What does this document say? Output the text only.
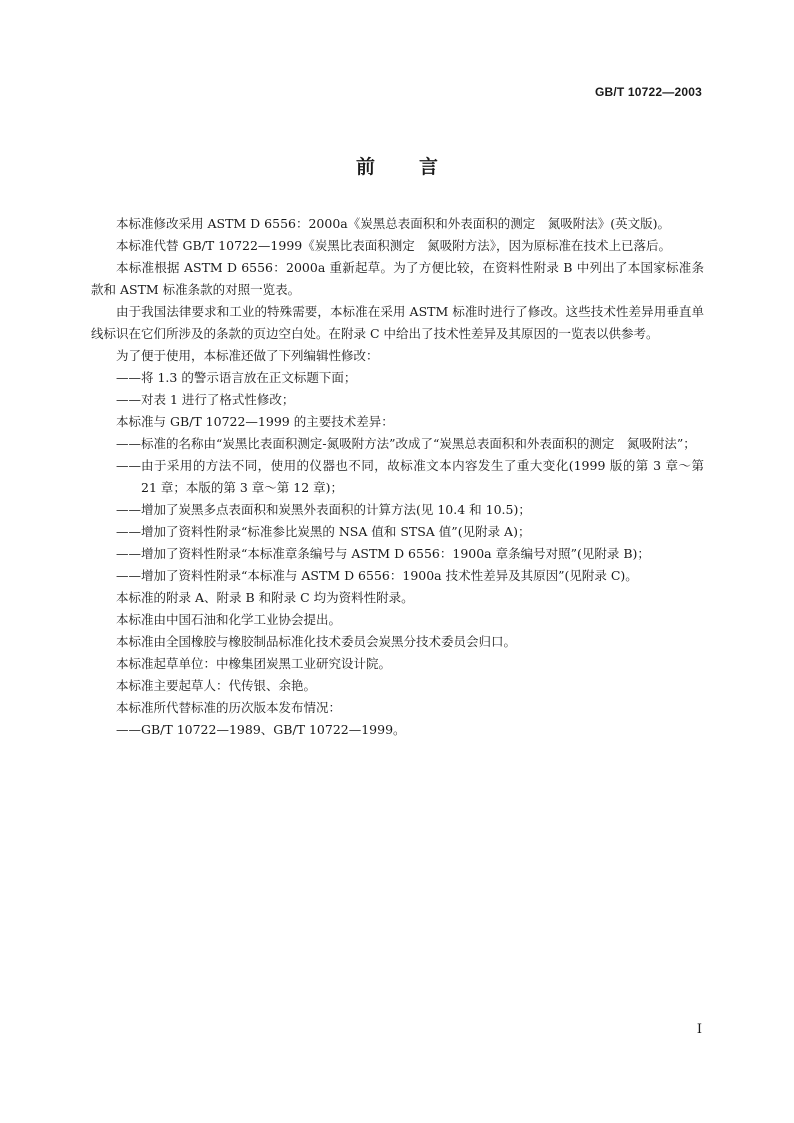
GB/T 10722—2003
前言

本标准修改采用 ASTM D 6556：2000a《炭黑总表面积和外表面积的测定　氮吸附法》(英文版)。

本标准代替 GB/T 10722—1999《炭黑比表面积测定　氮吸附方法》，因为原标准在技术上已落后。

本标准根据 ASTM D 6556：2000a 重新起草。为了方便比较，在资料性附录 B 中列出了本国家标准条款和 ASTM 标准条款的对照一览表。

由于我国法律要求和工业的特殊需要，本标准在采用 ASTM 标准时进行了修改。这些技术性差异用垂直单线标识在它们所涉及的条款的页边空白处。在附录 C 中给出了技术性差异及其原因的一览表以供参考。

为了便于使用，本标准还做了下列编辑性修改：

—— 将 1.3 的警示语言放在正文标题下面；
—— 对表 1 进行了格式性修改；

本标准与 GB/T 10722—1999 的主要技术差异：

—— 标准的名称由“炭黑比表面积测定-氮吸附方法”改成了“炭黑总表面积和外表面积的测定　氮吸附法”；
—— 由于采用的方法不同，使用的仪器也不同，故标准文本内容发生了重大变化(1999 版的第 3 章～第 21 章；本版的第 3 章～第 12 章)；
—— 增加了炭黑多点表面积和炭黑外表面积的计算方法(见 10.4 和 10.5)；
—— 增加了资料性附录“标准参比炭黑的 NSA 值和 STSA 值”(见附录 A)；
—— 增加了资料性附录“本标准章条编号与 ASTM D 6556：1900a 章条编号对照”(见附录 B)；
—— 增加了资料性附录“本标准与 ASTM D 6556：1900a 技术性差异及其原因”(见附录 C)。

本标准的附录 A、附录 B 和附录 C 均为资料性附录。

本标准由中国石油和化学工业协会提出。

本标准由全国橡胶与橡胶制品标准化技术委员会炭黑分技术委员会归口。

本标准起草单位：中橡集团炭黑工业研究设计院。

本标准主要起草人：代传银、余艳。

本标准所代替标准的历次版本发布情况：

—— GB/T 10722—1989、GB/T 10722—1999。
I
